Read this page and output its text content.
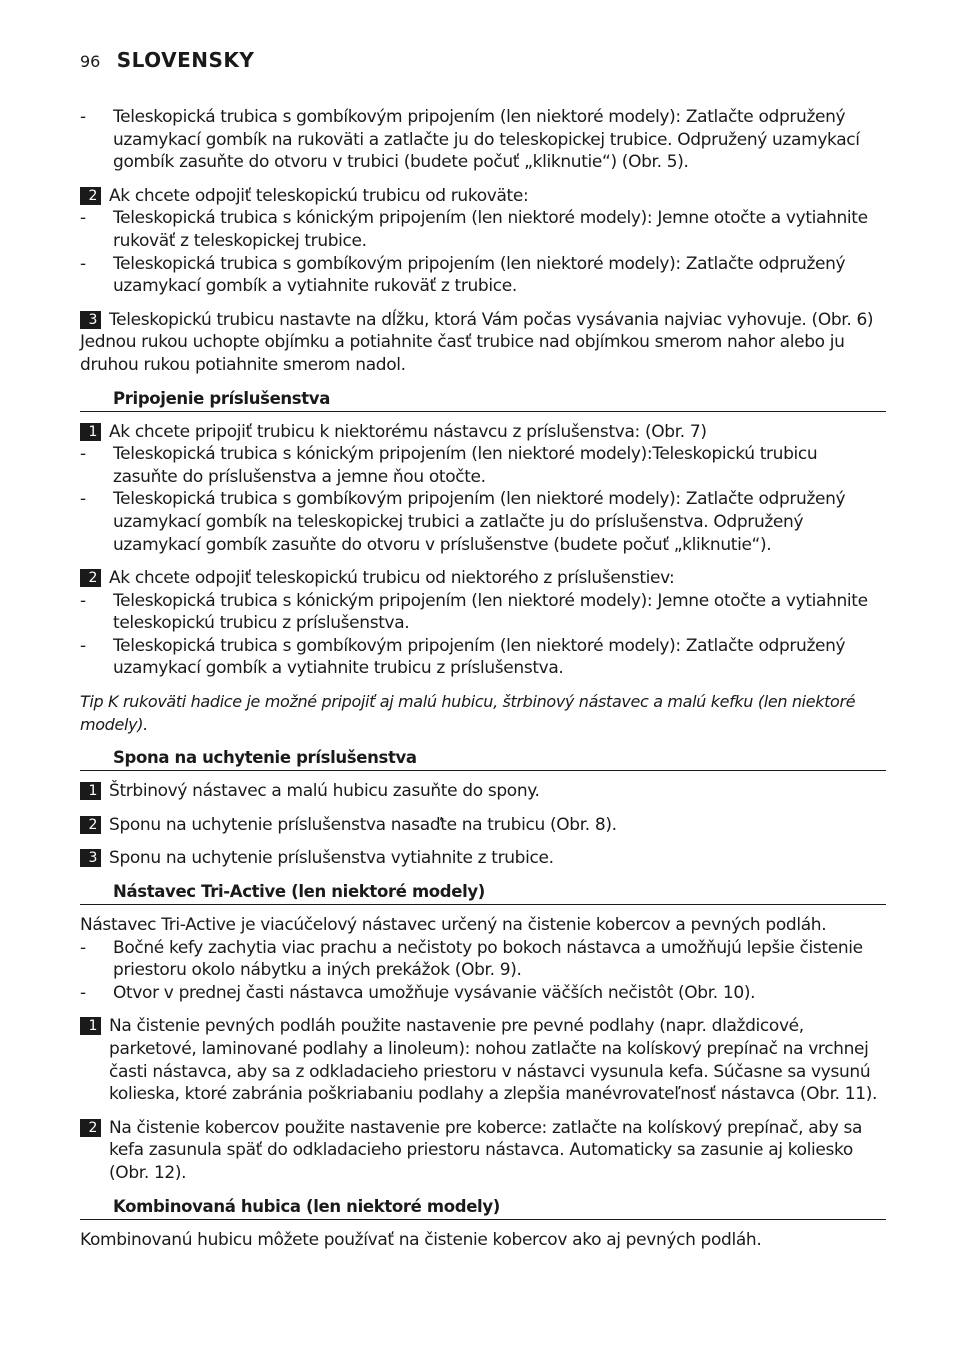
96 SLOVENSKY
-	Teleskopická trubica s gombíkovým pripojením (len niektoré modely): Zatlačte odpružený uzamykací gombík na rukoväti a zatlačte ju do teleskopickej trubice. Odpružený uzamykací gombík zasuňte do otvoru v trubici (budete počuť „kliknutie“) (Obr. 5).
2 Ak chcete odpojiť teleskopickú trubicu od rukoväte:
-	Teleskopická trubica s kónickým pripojením (len niektoré modely): Jemne otočte a vytiahnite rukoväť z teleskopickej trubice.
-	Teleskopická trubica s gombíkovým pripojením (len niektoré modely): Zatlačte odpružený uzamykací gombík a vytiahnite rukoväť z trubice.
3 Teleskopickú trubicu nastavte na dĺžku, ktorá Vám počas vysávania najviac vyhovuje. (Obr. 6)
Jednou rukou uchopte objímku a potiahnite časť trubice nad objímkou smerom nahor alebo ju druhou rukou potiahnite smerom nadol.
Pripojenie príslušenstva
1 Ak chcete pripojiť trubicu k niektorému nástavcu z príslušenstva: (Obr. 7)
-	Teleskopická trubica s kónickým pripojením (len niektoré modely):Teleskopickú trubicu zasuňte do príslušenstva a jemne ňou otočte.
-	Teleskopická trubica s gombíkovým pripojením (len niektoré modely): Zatlačte odpružený uzamykací gombík na teleskopickej trubici a zatlačte ju do príslušenstva. Odpružený uzamykací gombík zasuňte do otvoru v príslušenstve (budete počuť „kliknutie“).
2 Ak chcete odpojiť teleskopickú trubicu od niektorého z príslušenstiev:
-	Teleskopická trubica s kónickým pripojením (len niektoré modely): Jemne otočte a vytiahnite teleskopickú trubicu z príslušenstva.
-	Teleskopická trubica s gombíkovým pripojením (len niektoré modely): Zatlačte odpružený uzamykací gombík a vytiahnite trubicu z príslušenstva.
Tip K rukoväti hadice je možné pripojiť aj malú hubicu, štrbinový nástavec a malú kefku (len niektoré modely).
Spona na uchytenie príslušenstva
1 Štrbinový nástavec a malú hubicu zasuňte do spony.
2 Sponu na uchytenie príslušenstva nasaďte na trubicu (Obr. 8).
3 Sponu na uchytenie príslušenstva vytiahnite z trubice.
Nástavec Tri-Active (len niektoré modely)
Nástavec Tri-Active je viacúčelový nástavec určený na čistenie kobercov a pevných podláh.
-	Bočné kefy zachytia viac prachu a nečistoty po bokoch nástavca a umožňujú lepšie čistenie priestoru okolo nábytku a iných prekážok (Obr. 9).
-	Otvor v prednej časti nástavca umožňuje vysávanie väčších nečistôt (Obr. 10).
1 Na čistenie pevných podláh použite nastavenie pre pevné podlahy (napr. dlaždicové, parketové, laminované podlahy a linoleum): nohou zatlačte na kolískový prepínač na vrchnej časti nástavca, aby sa z odkladacieho priestoru v nástavci vysunula kefa. Súčasne sa vysunú kolieska, ktoré zabránia poškriabaniu podlahy a zlepšia manévrovateľnosť nástavca (Obr. 11).
2 Na čistenie kobercov použite nastavenie pre koberce: zatlačte na kolískový prepínač, aby sa kefa zasunula späť do odkladacieho priestoru nástavca. Automaticky sa zasunie aj koliesko (Obr. 12).
Kombinovaná hubica (len niektoré modely)
Kombinovanú hubicu môžete používať na čistenie kobercov ako aj pevných podláh.
